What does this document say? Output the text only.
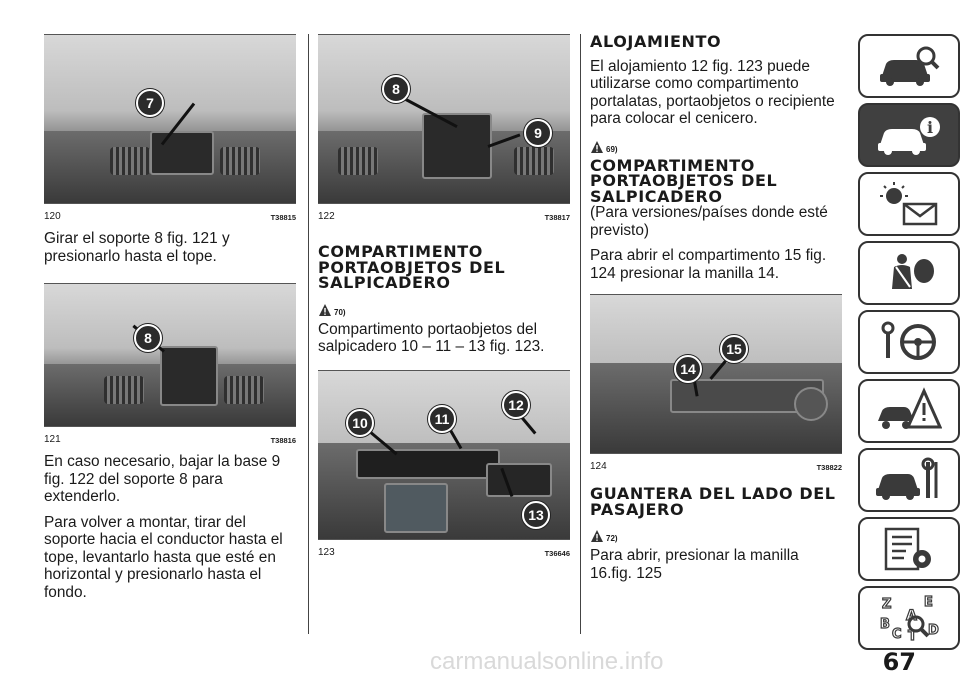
7
120	T38815

Girar el soporte 8 fig. 121 y presionarlo hasta el tope.

8
121	T38816

En caso necesario, bajar la base 9 fig. 122 del soporte 8 para extenderlo.

Para volver a montar, tirar del soporte hacia el conductor hasta el tope, levantarlo hasta que esté en horizontal y presionarlo hasta el fondo.

8
9
122	T38817
COMPARTIMENTO PORTAOBJETOS DEL SALPICADERO
70)

Compartimento portaobjetos del salpicadero 10 – 11 – 13 fig. 123.

10	11
12
13
123	T36646
ALOJAMIENTO

El alojamiento 12 fig. 123 puede utilizarse como compartimento portalatas, portaobjetos o recipiente para colocar el cenicero.

69)
COMPARTIMENTO PORTAOBJETOS DEL SALPICADERO

(Para versiones/países donde esté previsto)

Para abrir el compartimento 15 fig. 124 presionar la manilla 14.

14
15
124	T38822
GUANTERA DEL LADO DEL PASAJERO
72)

Para abrir, presionar la manilla 16.fig. 125

i
Z	E
A
B
C D
T
carmanualsonline.info	67
